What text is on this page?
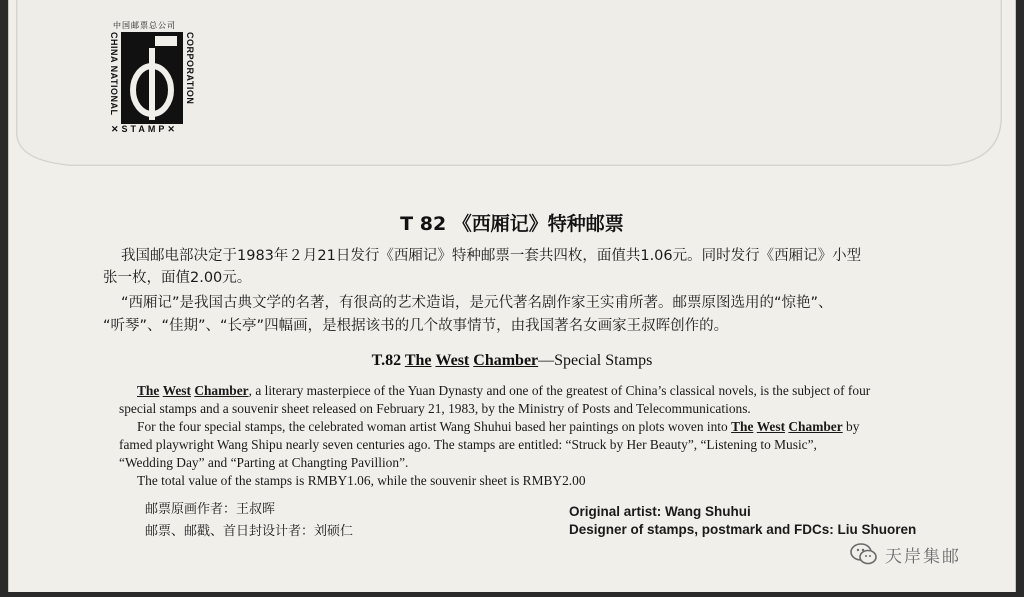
中国邮票总公司
CHINA NATIONAL	CORPORATION
✕STAMP✕
T 82 《西厢记》特种邮票
我国邮电部决定于1983年２月21日发行《西厢记》特种邮票一套共四枚，面值共1.06元。同时发行《西厢记》小型
张一枚，面值2.00元。
“西厢记”是我国古典文学的名著，有很高的艺术造诣，是元代著名剧作家王实甫所著。邮票原图选用的“惊艳”、
“听琴”、“佳期”、“长亭”四幅画，是根据该书的几个故事情节，由我国著名女画家王叔晖创作的。
T.82 The West Chamber—Special Stamps
The West Chamber, a literary masterpiece of the Yuan Dynasty and one of the greatest of China’s classical novels, is the subject of four
special stamps and a souvenir sheet released on February 21, 1983, by the Ministry of Posts and Telecommunications.
For the four special stamps, the celebrated woman artist Wang Shuhui based her paintings on plots woven into The West Chamber by
famed playwright Wang Shipu nearly seven centuries ago. The stamps are entitled: “Struck by Her Beauty”, “Listening to Music”,
“Wedding Day” and “Parting at Changting Pavillion”.
The total value of the stamps is RMBY1.06, while the souvenir sheet is RMBY2.00
邮票原画作者：王叔晖
邮票、邮戳、首日封设计者：刘硕仁
Original artist: Wang Shuhui
Designer of stamps, postmark and FDCs: Liu Shuoren
天岸集邮
